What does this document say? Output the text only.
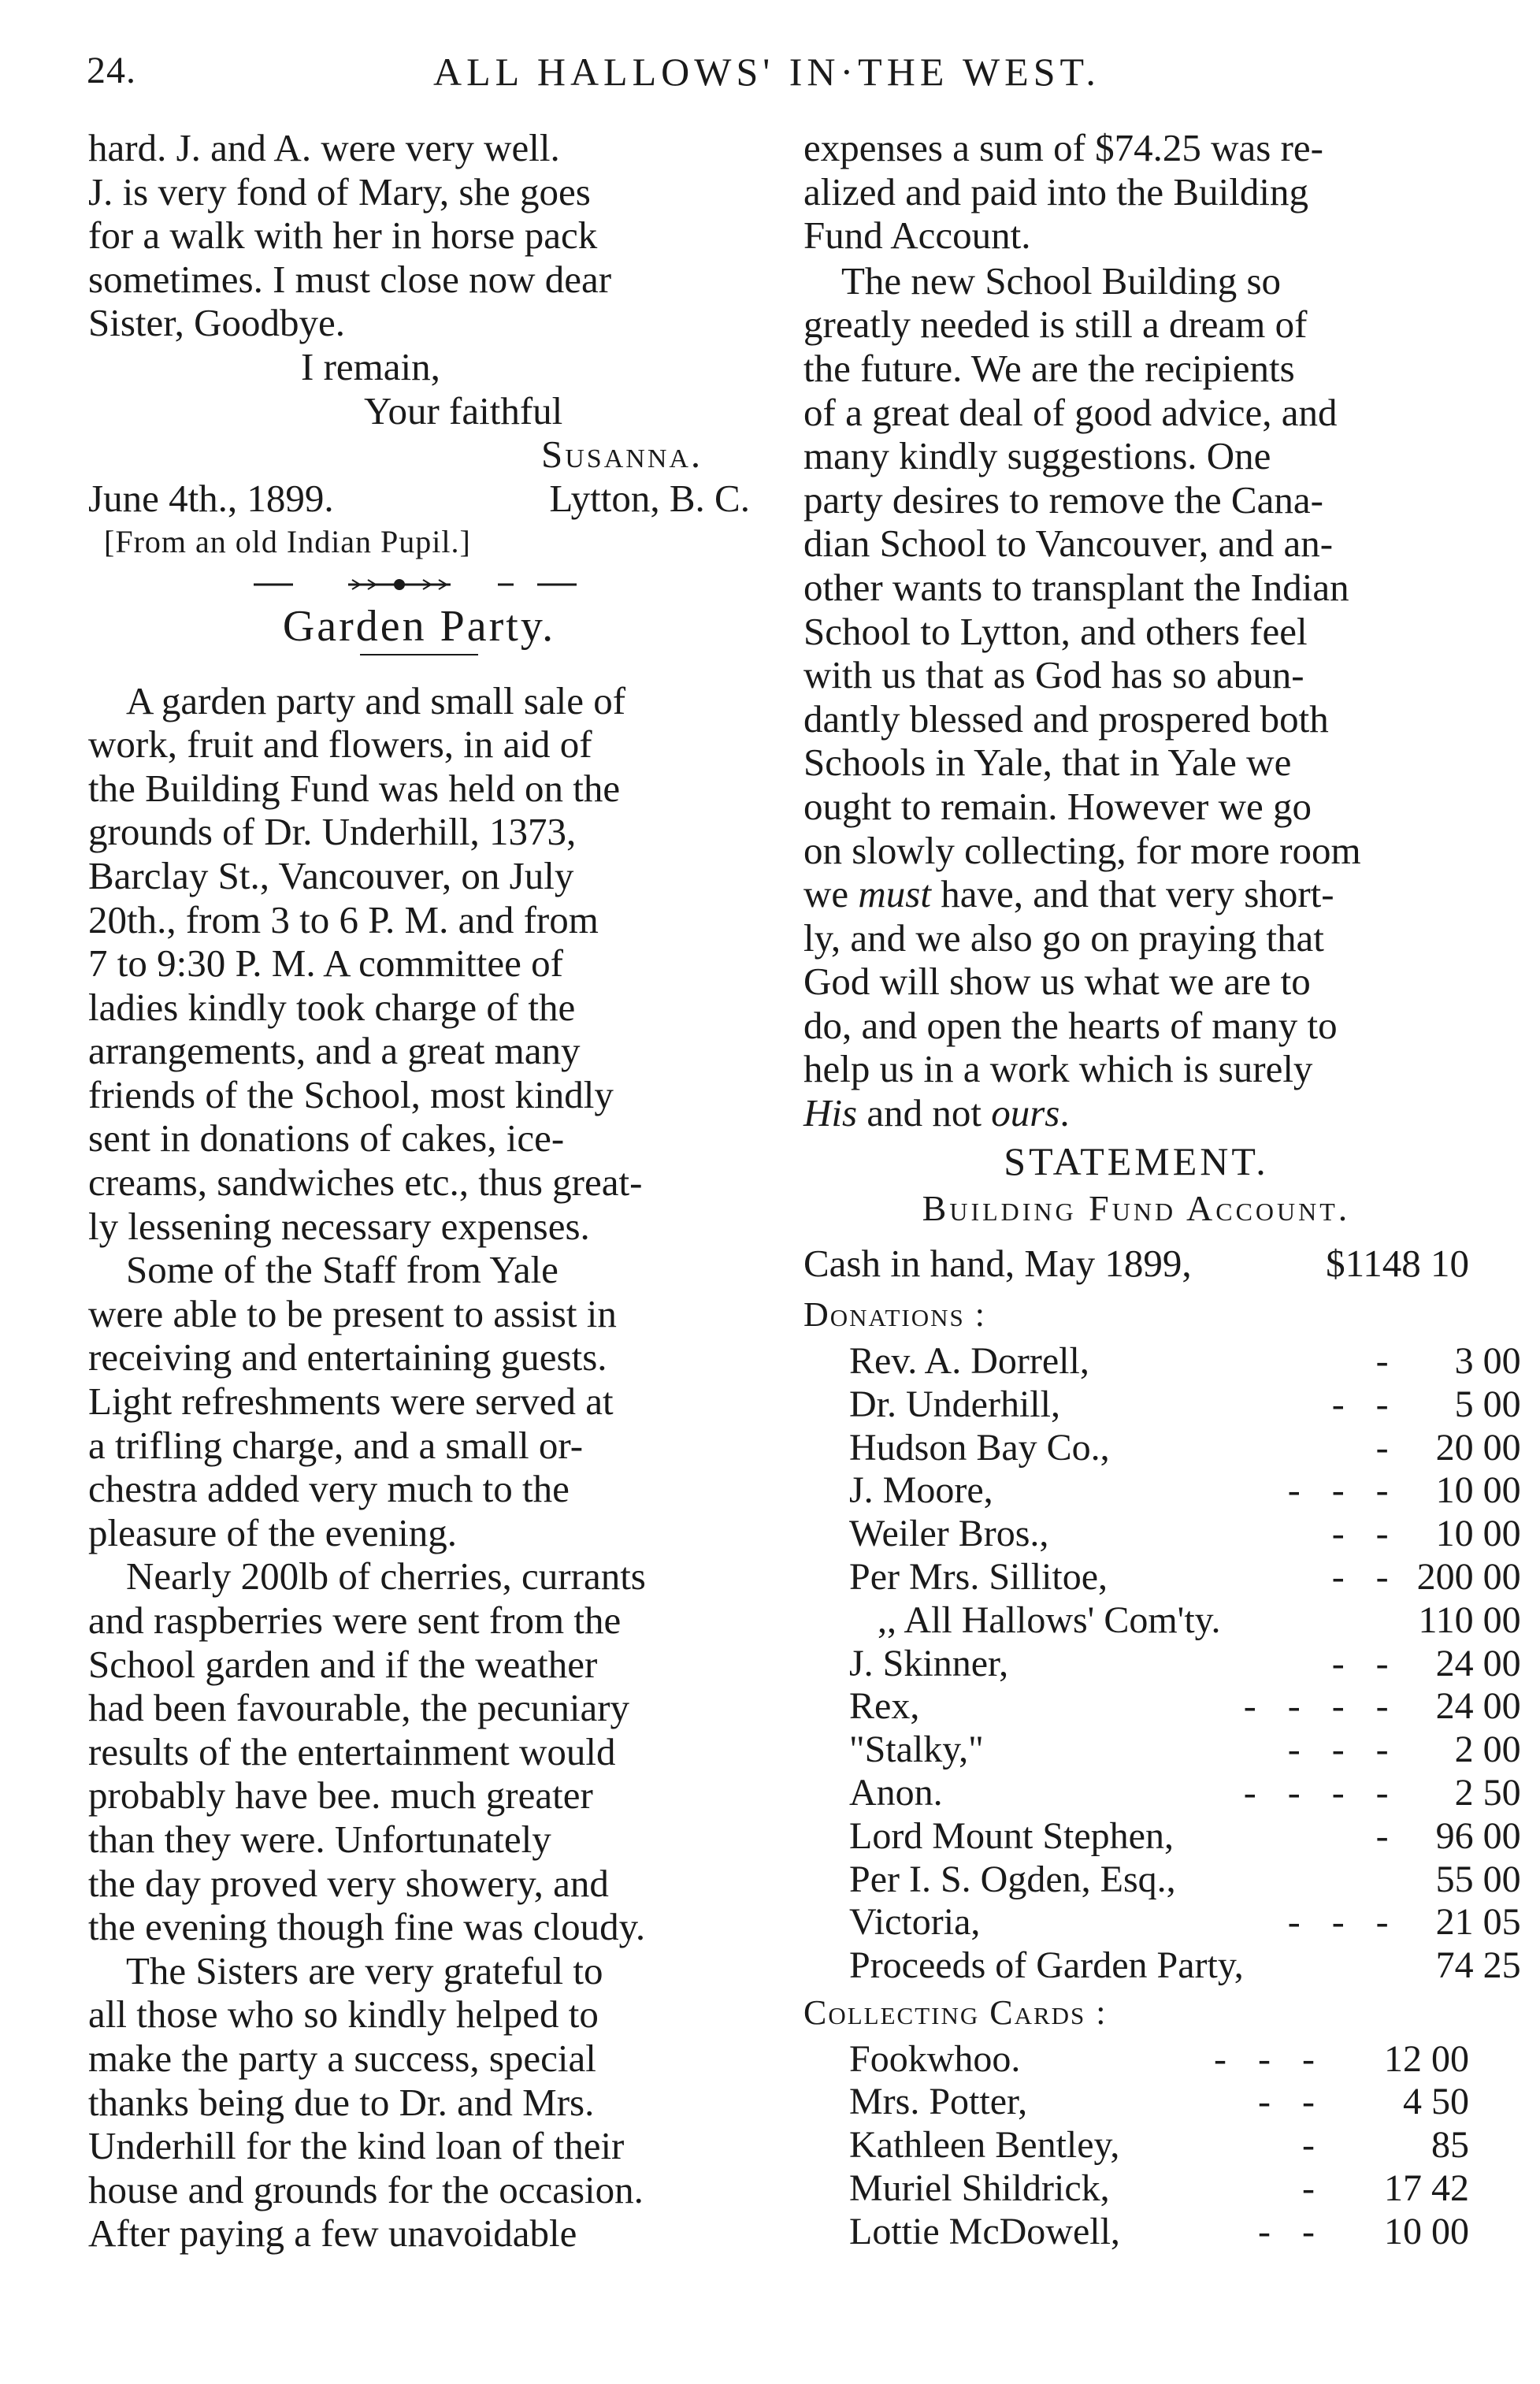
24.	ALL HALLOWS' IN·THE WEST.
hard. J. and A. were very well.
J. is very fond of Mary, she goes
for a walk with her in horse pack
sometimes. I must close now dear
Sister, Goodbye.
I remain,
Your faithful
Susanna.
June 4th., 1899.	Lytton, B. C.
[From an old Indian Pupil.]
Garden Party.

A garden party and small sale of
work, fruit and flowers, in aid of
the Building Fund was held on the
grounds of Dr. Underhill, 1373,
Barclay St., Vancouver, on July
20th., from 3 to 6 P. M. and from
7 to 9:30 P. M. A committee of
ladies kindly took charge of the
arrangements, and a great many
friends of the School, most kindly
sent in donations of cakes, ice-
creams, sandwiches etc., thus great-
ly lessening necessary expenses.

Some of the Staff from Yale
were able to be present to assist in
receiving and entertaining guests.
Light refreshments were served at
a trifling charge, and a small or-
chestra added very much to the
pleasure of the evening.

Nearly 200lb of cherries, currants
and raspberries were sent from the
School garden and if the weather
had been favourable, the pecuniary
results of the entertainment would
probably have bee. much greater
than they were. Unfortunately
the day proved very showery, and
the evening though fine was cloudy.

The Sisters are very grateful to
all those who so kindly helped to
make the party a success, special
thanks being due to Dr. and Mrs.
Underhill for the kind loan of their
house and grounds for the occasion.
After paying a few unavoidable

expenses a sum of $74.25 was re-
alized and paid into the Building
Fund Account.

The new School Building so
greatly needed is still a dream of
the future. We are the recipients
of a great deal of good advice, and
many kindly suggestions. One
party desires to remove the Cana-
dian School to Vancouver, and an-
other wants to transplant the Indian
School to Lytton, and others feel
with us that as God has so abun-
dantly blessed and prospered both
Schools in Yale, that in Yale we
ought to remain. However we go
on slowly collecting, for more room
we must have, and that very short-
ly, and we also go on praying that
God will show us what we are to
do, and open the hearts of many to
help us in a work which is surely
His and not ours.

STATEMENT.
Building Fund Account.
Cash in hand, May 1899,	$1148 10
Donations :
Rev. A. Dorrell,	-	3 00
Dr. Underhill,	- -	5 00
Hudson Bay Co.,	-	20 00
J. Moore,	- - -	10 00
Weiler Bros.,	- -	10 00
Per Mrs. Sillitoe,	- -	200 00
,, All Hallows' Com'ty.		110 00
J. Skinner,	- -	24 00
Rex,	- - - -	24 00
"Stalky,"	- - -	2 00
Anon.	- - - -	2 50
Lord Mount Stephen,	-	96 00
Per I. S. Ogden, Esq.,		55 00
Victoria,	- - -	21 05
Proceeds of Garden Party,		74 25
Collecting Cards :
Fookwhoo.	- - -	12 00
Mrs. Potter,	- -	4 50
Kathleen Bentley,	-	85
Muriel Shildrick,	-	17 42
Lottie McDowell,	- -	10 00
